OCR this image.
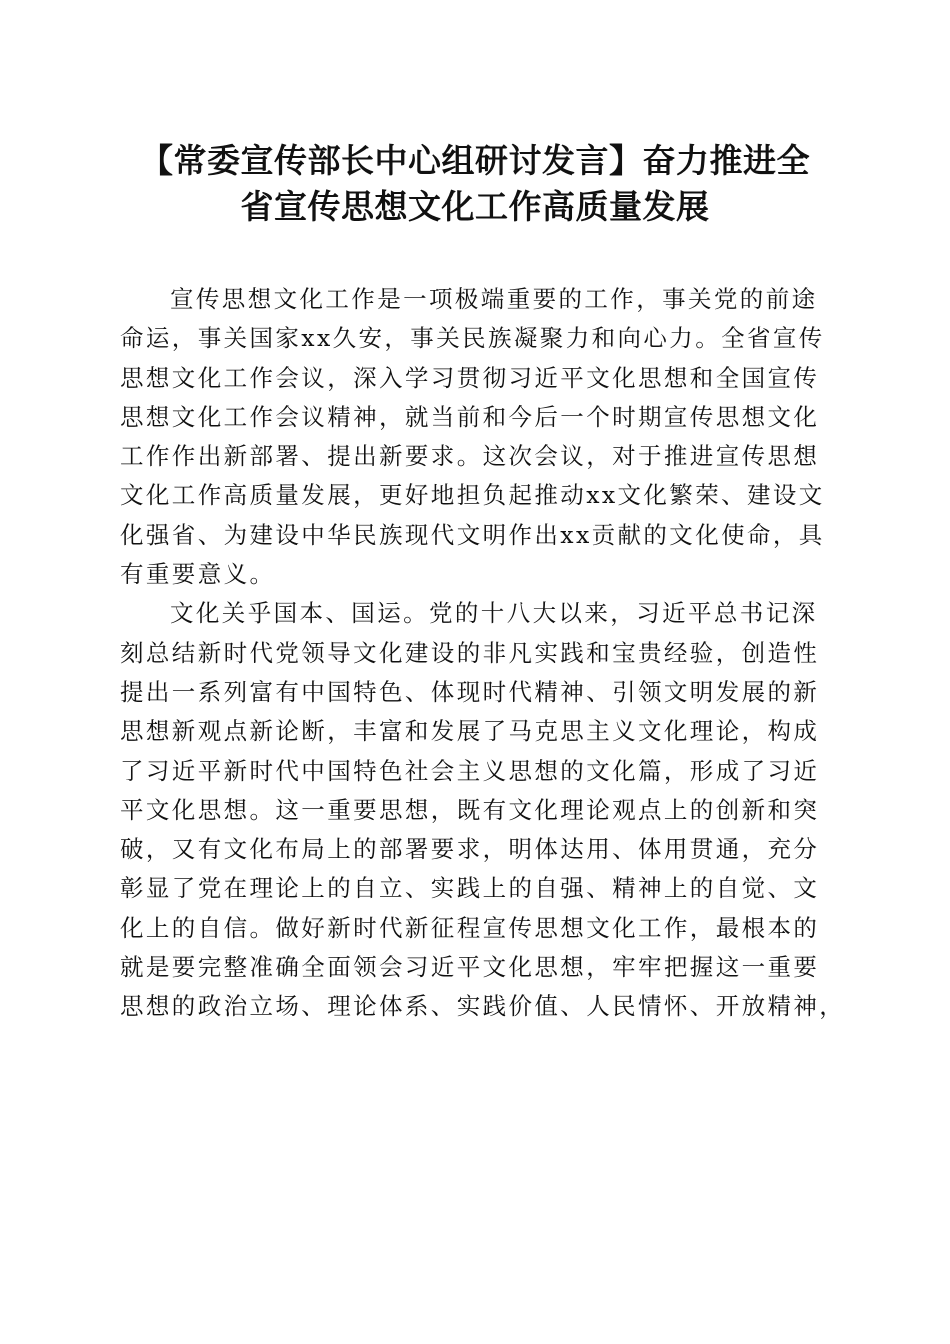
【常委宣传部长中心组研讨发言】奋力推进全
省宣传思想文化工作高质量发展

宣传思想文化工作是一项极端重要的工作，事关党的前途
命运，事关国家xx久安，事关民族凝聚力和向心力。全省宣传
思想文化工作会议，深入学习贯彻习近平文化思想和全国宣传
思想文化工作会议精神，就当前和今后一个时期宣传思想文化
工作作出新部署、提出新要求。这次会议，对于推进宣传思想
文化工作高质量发展，更好地担负起推动xx文化繁荣、建设文
化强省、为建设中华民族现代文明作出xx贡献的文化使命，具
有重要意义。

文化关乎国本、国运。党的十八大以来，习近平总书记深
刻总结新时代党领导文化建设的非凡实践和宝贵经验，创造性
提出一系列富有中国特色、体现时代精神、引领文明发展的新
思想新观点新论断，丰富和发展了马克思主义文化理论，构成
了习近平新时代中国特色社会主义思想的文化篇，形成了习近
平文化思想。这一重要思想，既有文化理论观点上的创新和突
破，又有文化布局上的部署要求，明体达用、体用贯通，充分
彰显了党在理论上的自立、实践上的自强、精神上的自觉、文
化上的自信。做好新时代新征程宣传思想文化工作，最根本的
就是要完整准确全面领会习近平文化思想，牢牢把握这一重要
思想的政治立场、理论体系、实践价值、人民情怀、开放精神，
